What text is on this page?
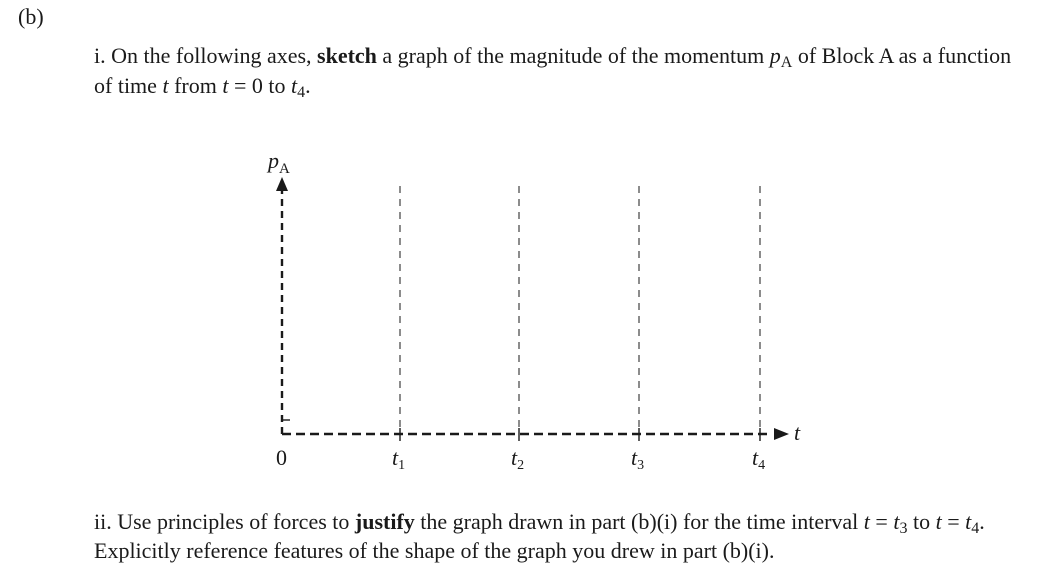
(b)
i. On the following axes, sketch a graph of the magnitude of the momentum $p_A$ of Block A as a function
of time t from t = 0 to $t_4$.
$p_A$
t
0	t1	t2	t3	t4
ii. Use principles of forces to justify the graph drawn in part (b)(i) for the time interval $t = t_3$ to $t = t_4$.
Explicitly reference features of the shape of the graph you drew in part (b)(i).
